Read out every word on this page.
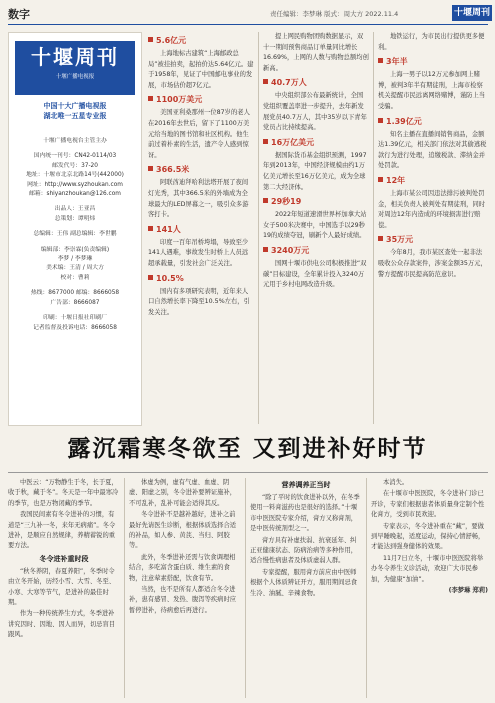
数字	责任编辑：李梦琳 版式：周大方 2022.11.4	十堰周刊
十堰周刊
十堰广播电视报
中国十大广播电视报
湖北唯一五星专业报
十堰广播电视台主管主办
国内统一刊号：CN42-0114/03
邮发代号：37-20
地址：十堰市北京北路14号(442000)
网址：http://www.syzhoukan.com
邮箱：shiyanzhoukan@126.com
出品人：王亚昌
总策划：谭明炜
总编辑：王伟 副总编辑：李世鹏
编辑部：李崇霖(负责编辑)
李梦 / 李梦琳
美术编：王清 / 周大方
校对：曹莉
热线：8677000 邮编：8666058
广告部：8666087
印刷：十堰日报社印刷厂
记者监督及投诉电话：8666058
5.6亿元

上海地标古建筑“上海邮政总局”被挂拍卖，起拍价达5.64亿元。建于1958年，见证了中国邮电事业的发展，市场估价超7亿元。

1100万美元

美国亚利桑那州一位87岁的老人在2016年去世后，留下了1100万美元给当地的图书馆和社区机构。他生前过着朴素的生活，遗产令人感到惊讶。

366.5米

阿联酋迪拜哈利法塔开展了夜间灯光秀，其中366.5米的外墙成为全球最大的LED屏幕之一，吸引众多游客打卡。

141人

印度一百年吊桥垮塌，导致至少141人遇难，事故发生时桥上人员远超承载量，引发社会广泛关注。

10.5%

国内有多项研究表明，近年来人口自然增长率下降至10.5%左右，引发关注。

提上网民购物团购数据显示，双十一期间预售商品订单量同比增长16.69%，上网的人数与购物总额均创新高。

40.7万人

中央组织部公布最新统计，全国党组织覆盖率进一步提升，去年新发展党员40.7万人，其中35岁以下青年党员占比持续提高。

16万亿美元

据国际货币基金组织预测，1997年到2013年，中国经济规模由约1万亿美元增长至16万亿美元，成为全球第二大经济体。

29秒19

2022年短道速滑世界杯加拿大站女子500米决赛中，中国选手以29秒19的成绩夺冠，刷新个人最好成绩。

3240万元

国网十堰市供电公司积极推进“双碳”目标建设，全年累计投入3240万元用于乡村电网改造升级。

地铁运行，为市民出行提供更多便利。

3年半

上海一男子以12万元参加网上赌博，被判3年半有期徒刑，上海市检察机关提醒市民远离网络赌博，谨防上当受骗。

1.39亿元

知名主播在直播间销售商品，金额达1.39亿元，相关部门依法对其偷逃税款行为进行处理，追缴税款、滞纳金并处罚款。

12年

上海市某公司因违法排污被判处罚金，相关负责人被判处有期徒刑，同时对周边12年内造成的环境损害进行赔偿。

35万元

今年8月，我市某区查处一起非法吸收公众存款案件，涉案金额35万元，警方提醒市民提高防范意识。

露沉霜寒冬欲至 又到进补好时节

中医云：“万物静生于冬，长于夏，收于秋，藏于冬”。冬天是一年中最寒冷的季节，也是万物闭藏的季节。

我国民间素有冬令进补的习惯，有道是“三九补一冬，来年无病痛”。冬令进补，是顺应自然规律，养精蓄锐的重要方法。

冬令进补重时段

“秋冬养阴，春夏养阳”，冬季时令由立冬开始，历经小雪、大雪、冬至、小寒、大寒等节气，是进补的最佳时期。

作为一种传统养生方式，冬季进补讲究因时、因地、因人而异，切忌盲目跟风。

体虚为例，虚有气虚、血虚、阴虚、阳虚之别，冬令进补要辨证施补，不可乱补，乱补可能会适得其反。

冬令进补不是越补越好，进补之前最好先请医生诊断，根据体质选择合适的补品，如人参、黄芪、当归、阿胶等。

此外，冬季进补还需与饮食调理相结合，多吃富含蛋白质、维生素的食物，注意荤素搭配，饮食有节。

当然，也不是所有人都适合冬令进补，患有感冒、发热、腹泻等疾病时应暂停进补，待病愈后再进行。

营养调养正当时

“除了平时的饮食进补以外，在冬季使用一料膏滋药也是很好的选择。”十堰市中医医院专家介绍，膏方又称膏剂，是中医传统剂型之一。

膏方具有补虚扶弱、抗衰延年、纠正亚健康状态、防病治病等多种作用，适合慢性病患者及体质虚弱人群。

专家提醒，服用膏方前应由中医师根据个人体质辨证开方，服用期间忌食生冷、油腻、辛辣食物。

本消失。

在十堰市中医医院，冬令进补门诊已开诊，专家们根据患者体质量身定制个性化膏方，受到市民欢迎。

专家表示，冬令进补重在“藏”，要做到早睡晚起，适度运动，保持心情舒畅，才能达到强身健体的效果。

11月7日立冬，十堰市中医医院将举办冬令养生义诊活动，欢迎广大市民参加，为健康“加油”。

(李梦琳 郑莉)
